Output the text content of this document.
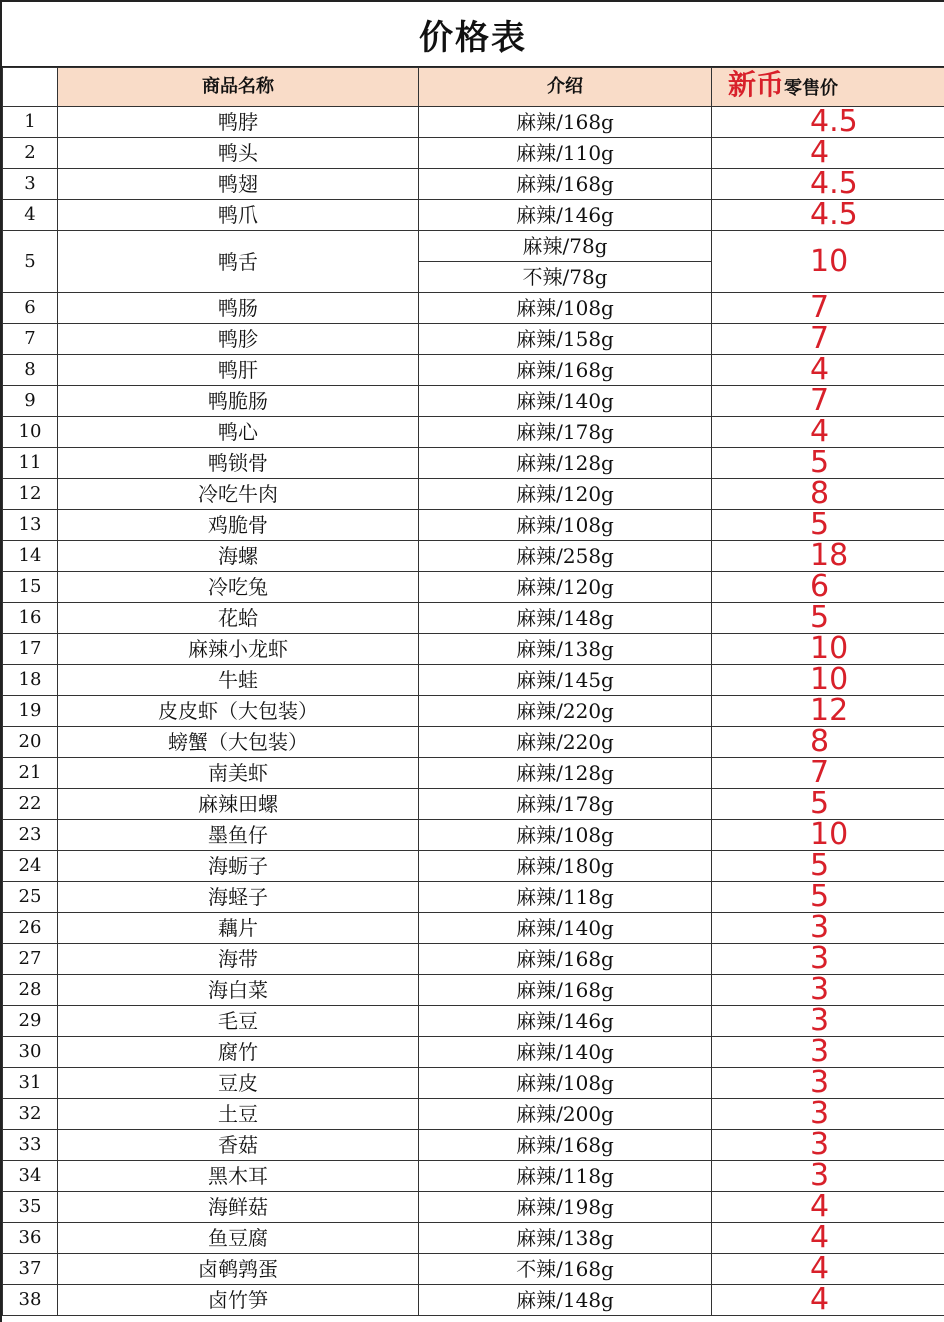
价格表
	商品名称	介绍	新币零售价
1	鸭脖	麻辣/168g	4.5
2	鸭头	麻辣/110g	4
3	鸭翅	麻辣/168g	4.5
4	鸭爪	麻辣/146g	4.5
5	鸭舌	麻辣/78g	10
		不辣/78g	
6	鸭肠	麻辣/108g	7
7	鸭胗	麻辣/158g	7
8	鸭肝	麻辣/168g	4
9	鸭脆肠	麻辣/140g	7
10	鸭心	麻辣/178g	4
11	鸭锁骨	麻辣/128g	5
12	冷吃牛肉	麻辣/120g	8
13	鸡脆骨	麻辣/108g	5
14	海螺	麻辣/258g	18
15	冷吃兔	麻辣/120g	6
16	花蛤	麻辣/148g	5
17	麻辣小龙虾	麻辣/138g	10
18	牛蛙	麻辣/145g	10
19	皮皮虾（大包装）	麻辣/220g	12
20	螃蟹（大包装）	麻辣/220g	8
21	南美虾	麻辣/128g	7
22	麻辣田螺	麻辣/178g	5
23	墨鱼仔	麻辣/108g	10
24	海蛎子	麻辣/180g	5
25	海蛏子	麻辣/118g	5
26	藕片	麻辣/140g	3
27	海带	麻辣/168g	3
28	海白菜	麻辣/168g	3
29	毛豆	麻辣/146g	3
30	腐竹	麻辣/140g	3
31	豆皮	麻辣/108g	3
32	土豆	麻辣/200g	3
33	香菇	麻辣/168g	3
34	黑木耳	麻辣/118g	3
35	海鲜菇	麻辣/198g	4
36	鱼豆腐	麻辣/138g	4
37	卤鹌鹑蛋	不辣/168g	4
38	卤竹笋	麻辣/148g	4
